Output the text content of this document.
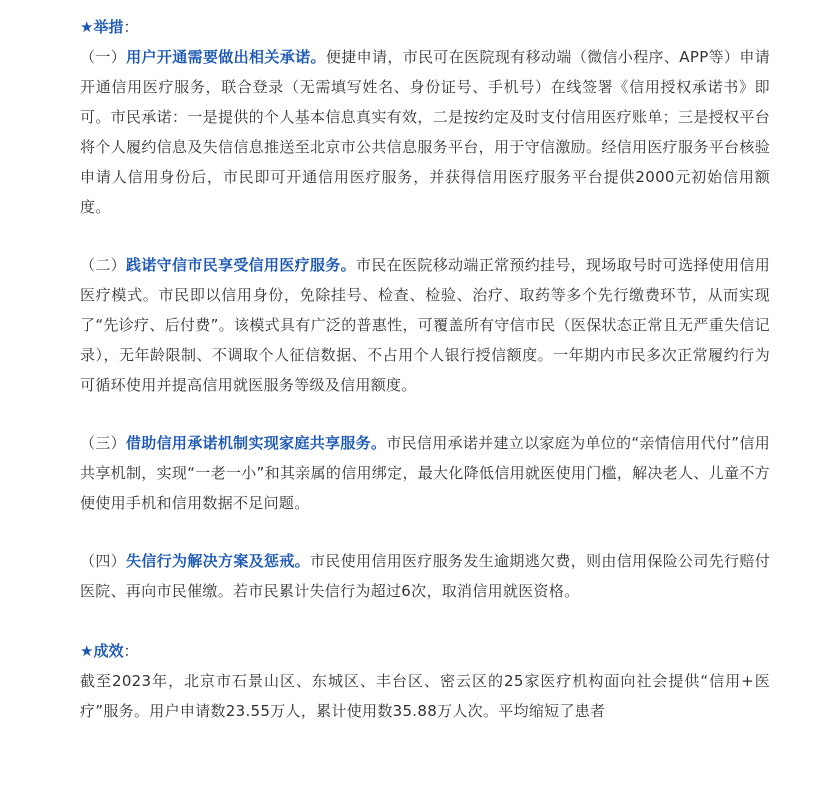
★举措：

（一）用户开通需要做出相关承诺。便捷申请，市民可在医院现有移动端（微信小程序、APP等）申请开通信用医疗服务，联合登录（无需填写姓名、身份证号、手机号）在线签署《信用授权承诺书》即可。市民承诺：一是提供的个人基本信息真实有效，二是按约定及时支付信用医疗账单；三是授权平台将个人履约信息及失信信息推送至北京市公共信息服务平台，用于守信激励。经信用医疗服务平台核验申请人信用身份后，市民即可开通信用医疗服务，并获得信用医疗服务平台提供2000元初始信用额度。

（二）践诺守信市民享受信用医疗服务。市民在医院移动端正常预约挂号，现场取号时可选择使用信用医疗模式。市民即以信用身份，免除挂号、检查、检验、治疗、取药等多个先行缴费环节，从而实现了“先诊疗、后付费”。该模式具有广泛的普惠性，可覆盖所有守信市民（医保状态正常且无严重失信记录），无年龄限制、不调取个人征信数据、不占用个人银行授信额度。一年期内市民多次正常履约行为可循环使用并提高信用就医服务等级及信用额度。

（三）借助信用承诺机制实现家庭共享服务。市民信用承诺并建立以家庭为单位的“亲情信用代付”信用共享机制，实现“一老一小”和其亲属的信用绑定，最大化降低信用就医使用门槛，解决老人、儿童不方便使用手机和信用数据不足问题。

（四）失信行为解决方案及惩戒。市民使用信用医疗服务发生逾期逃欠费，则由信用保险公司先行赔付医院、再向市民催缴。若市民累计失信行为超过6次，取消信用就医资格。

★成效：

截至2023年，北京市石景山区、东城区、丰台区、密云区的25家医疗机构面向社会提供“信用+医疗”服务。用户申请数23.55万人，累计使用数35.88万人次。平均缩短了患者
